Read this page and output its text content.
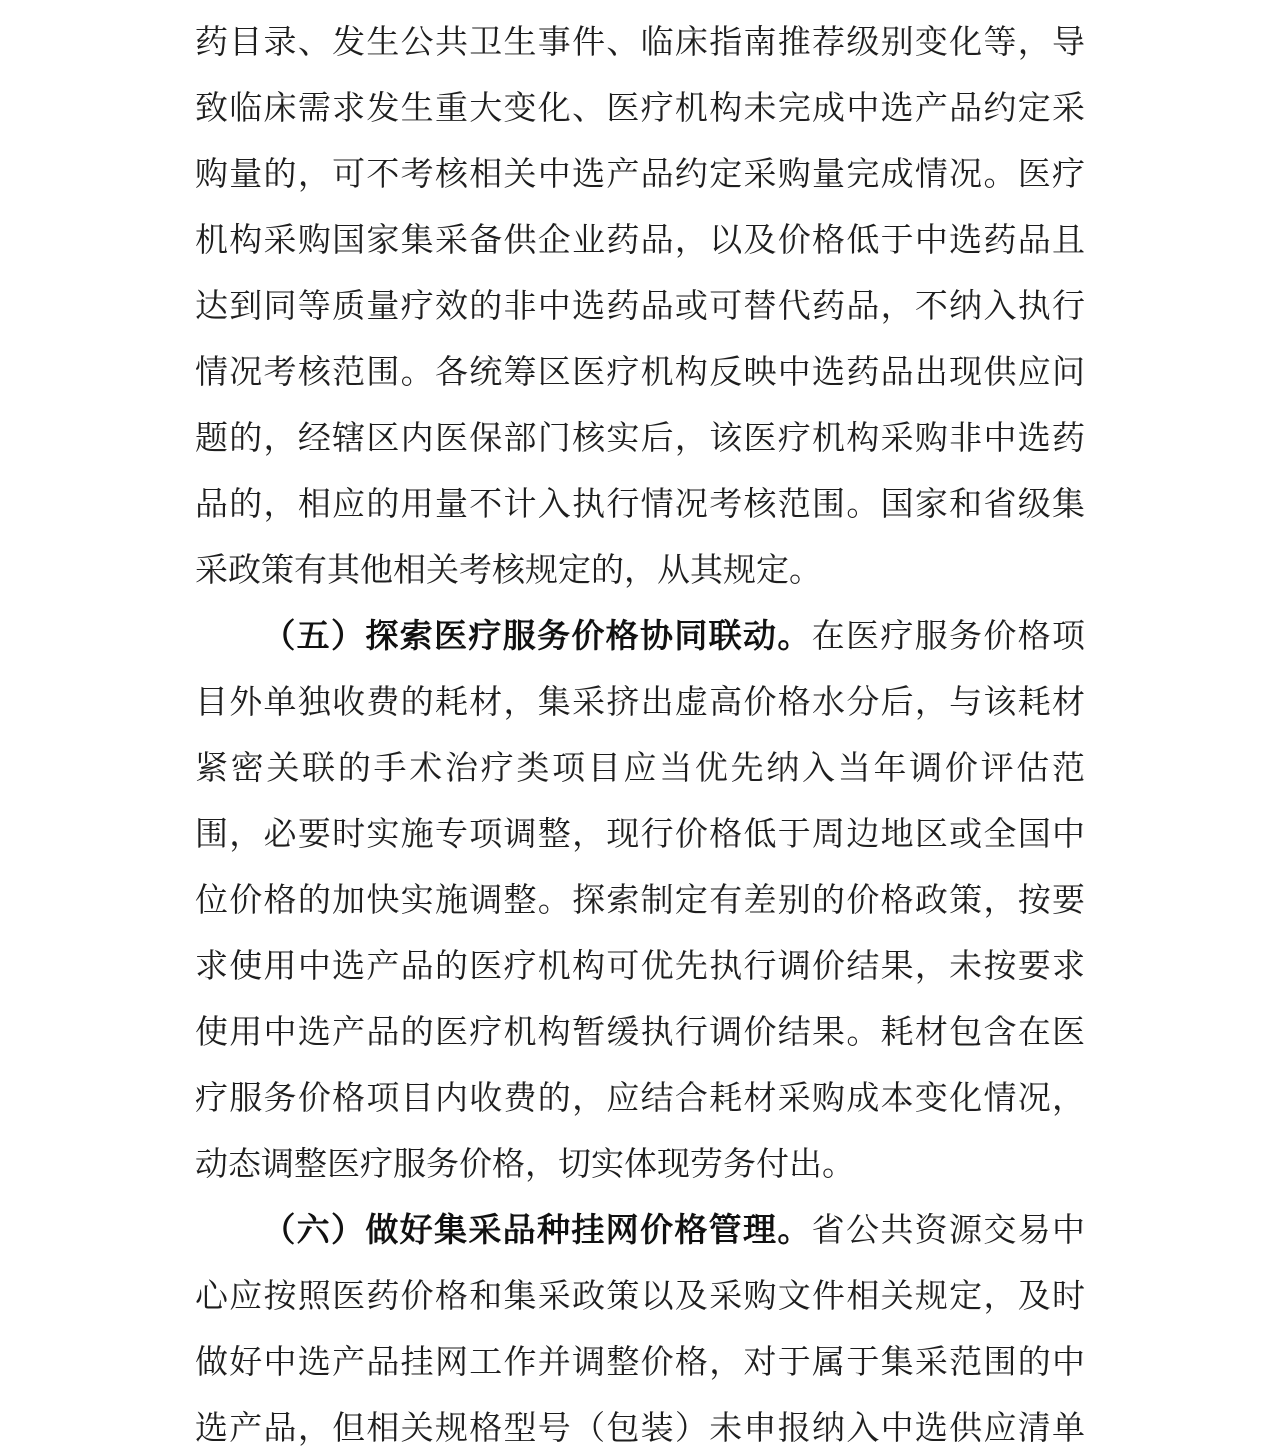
药目录、发生公共卫生事件、临床指南推荐级别变化等，导
致临床需求发生重大变化、医疗机构未完成中选产品约定采
购量的，可不考核相关中选产品约定采购量完成情况。医疗
机构采购国家集采备供企业药品，以及价格低于中选药品且
达到同等质量疗效的非中选药品或可替代药品，不纳入执行
情况考核范围。各统筹区医疗机构反映中选药品出现供应问
题的，经辖区内医保部门核实后，该医疗机构采购非中选药
品的，相应的用量不计入执行情况考核范围。国家和省级集
采政策有其他相关考核规定的，从其规定。
（五）探索医疗服务价格协同联动。在医疗服务价格项
目外单独收费的耗材，集采挤出虚高价格水分后，与该耗材
紧密关联的手术治疗类项目应当优先纳入当年调价评估范
围，必要时实施专项调整，现行价格低于周边地区或全国中
位价格的加快实施调整。探索制定有差别的价格政策，按要
求使用中选产品的医疗机构可优先执行调价结果，未按要求
使用中选产品的医疗机构暂缓执行调价结果。耗材包含在医
疗服务价格项目内收费的，应结合耗材采购成本变化情况，
动态调整医疗服务价格，切实体现劳务付出。
（六）做好集采品种挂网价格管理。省公共资源交易中
心应按照医药价格和集采政策以及采购文件相关规定，及时
做好中选产品挂网工作并调整价格，对于属于集采范围的中
选产品，但相关规格型号（包装）未申报纳入中选供应清单
